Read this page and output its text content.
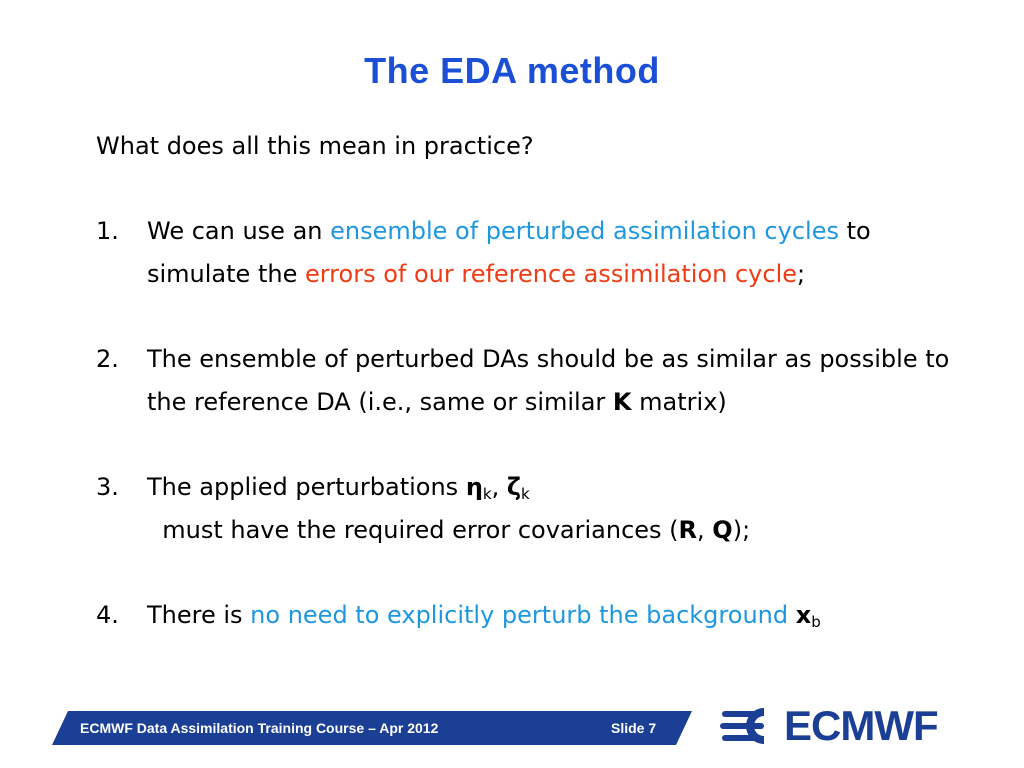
The EDA method
What does all this mean in practice?
1.	We can use an ensemble of perturbed assimilation cycles to simulate the errors of our reference assimilation cycle;
2.	The ensemble of perturbed DAs should be as similar as possible to the reference DA (i.e., same or similar K matrix)
3.	The applied perturbations $\eta_k$, $\zeta_k$  must have the required error covariances (R, Q);
4.	There is no need to explicitly perturb the background $x_b$
ECMWF Data Assimilation Training Course – Apr 2012	Slide 7	ECMWF
